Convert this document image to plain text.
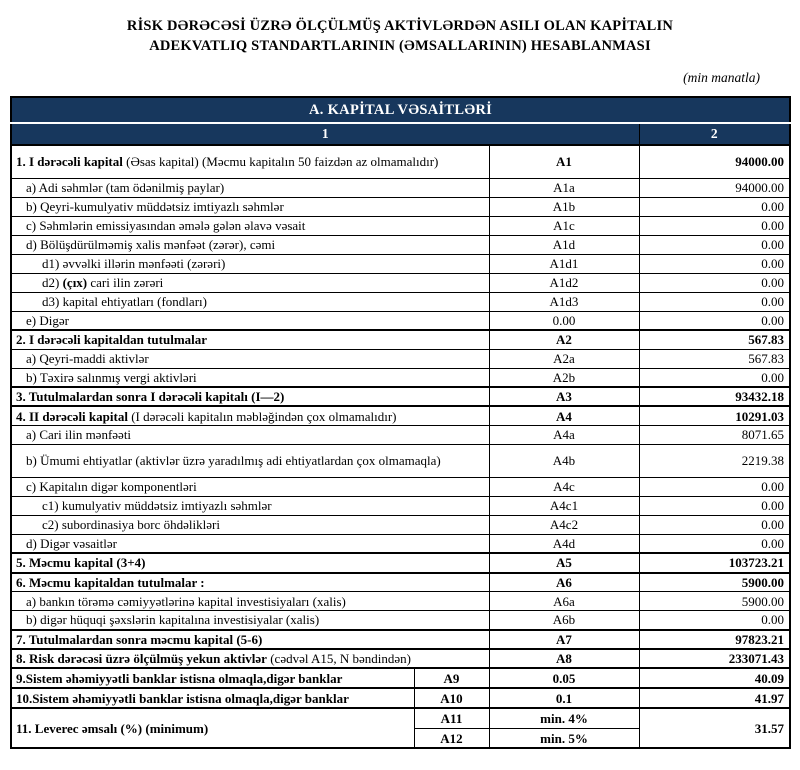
RİSK DƏRƏCƏSİ ÜZRƏ ÖLÇÜLMÜŞ AKTİVLƏRDƏN ASILI OLAN KAPİTALIN
ADEKVATLIQ STANDARTLARININ (ƏMSALLARININ) HESABLANMASI
(min manatla)
A. KAPİTAL VƏSAİTLƏRİ			
1			2
1. I dərəcəli kapital (Əsas kapital) (Məcmu kapitalın 50 faizdən az olmamalıdır)		A1	94000.00
a) Adi səhmlər (tam ödənilmiş paylar)		A1a	94000.00
b) Qeyri-kumulyativ müddətsiz imtiyazlı səhmlər		A1b	0.00
c) Səhmlərin emissiyasından əmələ gələn əlavə vəsait		A1c	0.00
d) Bölüşdürülməmiş xalis mənfəət (zərər), cəmi		A1d	0.00
d1) əvvəlki illərin mənfəəti (zərəri)		A1d1	0.00
d2) (çıx) cari ilin zərəri		A1d2	0.00
d3) kapital ehtiyatları (fondları)		A1d3	0.00
e) Digər		0.00	0.00
2. I dərəcəli kapitaldan tutulmalar		A2	567.83
a) Qeyri-maddi aktivlər		A2a	567.83
b) Təxirə salınmış vergi aktivləri		A2b	0.00
3. Tutulmalardan sonra I dərəcəli kapitalı (I—2)		A3	93432.18
4. II dərəcəli kapital (I dərəcəli kapitalın məbləğindən çox olmamalıdır)		A4	10291.03
a) Cari ilin mənfəəti		A4a	8071.65
b) Ümumi ehtiyatlar (aktivlər üzrə yaradılmış adi ehtiyatlardan çox olmamaqla)		A4b	2219.38
c) Kapitalın digər komponentləri		A4c	0.00
c1) kumulyativ müddətsiz imtiyazlı səhmlər		A4c1	0.00
c2) subordinasiya borc öhdəlikləri		A4c2	0.00
d) Digər vəsaitlər		A4d	0.00
5. Məcmu kapital (3+4)		A5	103723.21
6. Məcmu kapitaldan tutulmalar :		A6	5900.00
a) bankın törəmə cəmiyyətlərinə kapital investisiyaları (xalis)		A6a	5900.00
b) digər hüquqi şəxslərin kapitalına investisiyalar (xalis)		A6b	0.00
7. Tutulmalardan sonra məcmu kapital (5-6)		A7	97823.21
8. Risk dərəcəsi üzrə ölçülmüş yekun aktivlər (cədvəl A15, N bəndindən)		A8	233071.43
9.Sistem əhəmiyyətli banklar istisna olmaqla,digər banklar	A9	0.05	40.09
10.Sistem əhəmiyyətli banklar istisna olmaqla,digər banklar	A10	0.1	41.97
11. Leverec əmsalı (%) (minimum)	A11	min. 4%	31.57
	A12	min. 5%	
